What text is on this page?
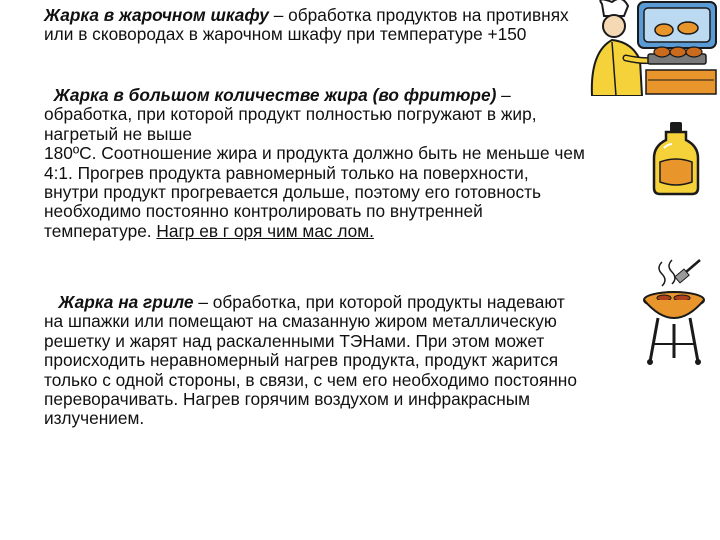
Жарка в жарочном шкафу – обработка продуктов на противнях
или в сковородах в жарочном шкафу при температуре +150
Жарка в большом количестве жира (во фритюре) –
обработка, при которой продукт полностью погружают в жир,
нагретый не выше
180ºС. Соотношение жира и продукта должно быть не меньше чем
4:1. Прогрев продукта равномерный только на поверхности,
внутри продукт прогревается дольше, поэтому его готовность
необходимо постоянно контролировать по внутренней
температуре. Нагр ев г оря чим мас лом.
Жарка на гриле – обработка, при которой продукты надевают
на шпажки или помещают на смазанную жиром металлическую
решетку и жарят над раскаленными ТЭНами. При этом может
происходить неравномерный нагрев продукта, продукт жарится
только с одной стороны, в связи, с чем его необходимо постоянно
переворачивать. Нагрев горячим воздухом и инфракрасным
излучением.
